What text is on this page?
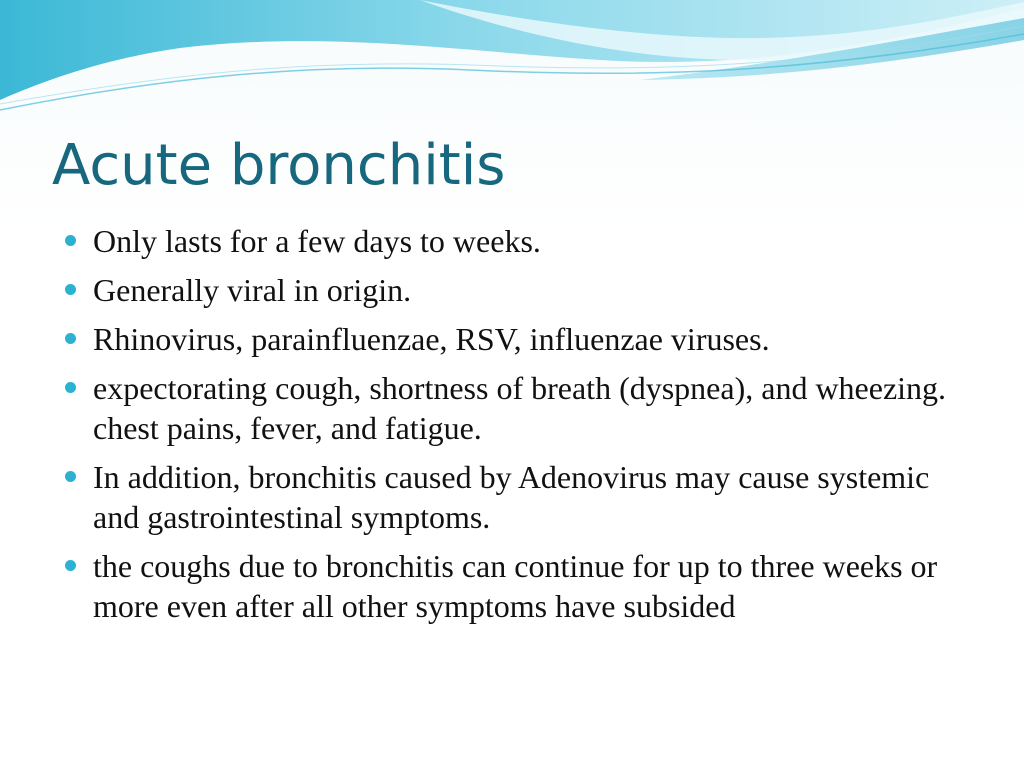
Acute bronchitis
Only lasts for a few days to weeks.
Generally viral in origin.
Rhinovirus, parainfluenzae, RSV, influenzae viruses.
expectorating cough, shortness of breath (dyspnea), and wheezing. chest pains, fever, and fatigue.
In addition, bronchitis caused by Adenovirus may cause systemic and gastrointestinal symptoms.
the coughs due to bronchitis can continue for up to three weeks or more even after all other symptoms have subsided
